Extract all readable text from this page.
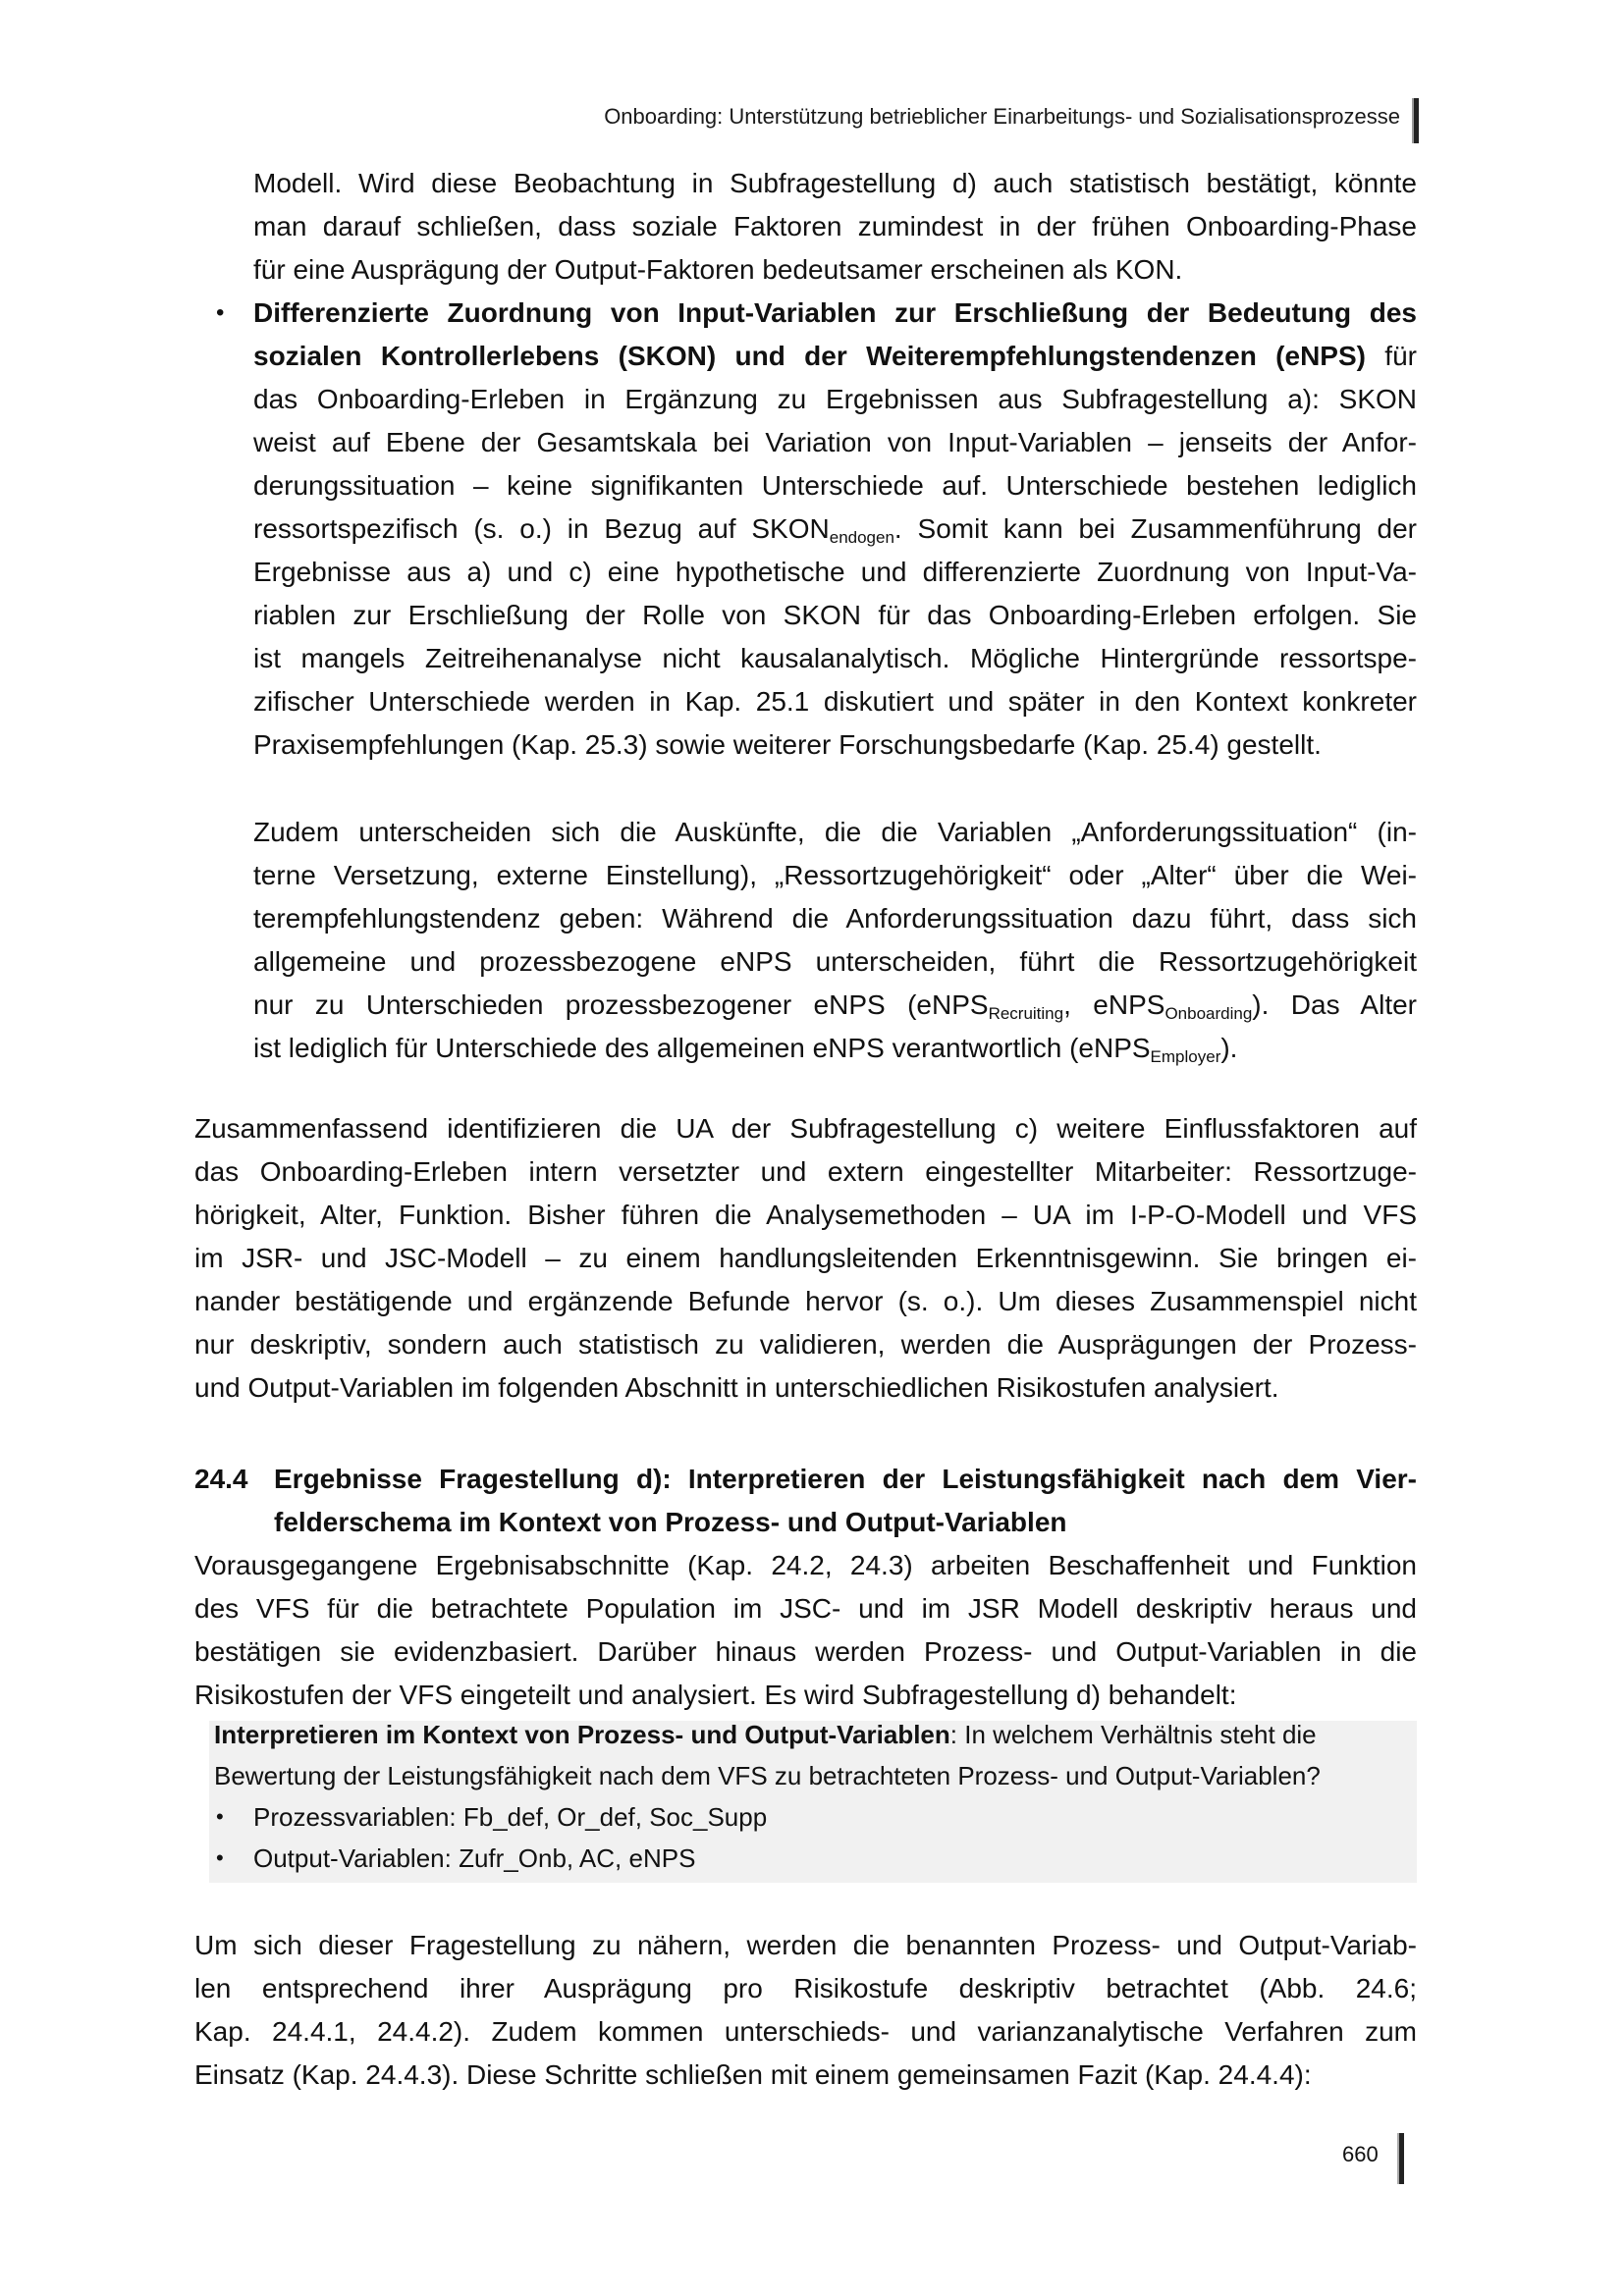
Onboarding: Unterstützung betrieblicher Einarbeitungs- und Sozialisationsprozesse
Modell. Wird diese Beobachtung in Subfragestellung d) auch statistisch bestätigt, könnte
man darauf schließen, dass soziale Faktoren zumindest in der frühen Onboarding-Phase
für eine Ausprägung der Output-Faktoren bedeutsamer erscheinen als KON.
• Differenzierte Zuordnung von Input-Variablen zur Erschließung der Bedeutung des
sozialen Kontrollerlebens (SKON) und der Weiterempfehlungstendenzen (eNPS) für
das Onboarding-Erleben in Ergänzung zu Ergebnissen aus Subfragestellung a): SKON
weist auf Ebene der Gesamtskala bei Variation von Input-Variablen – jenseits der Anfor-
derungssituation – keine signifikanten Unterschiede auf. Unterschiede bestehen lediglich
ressortspezifisch (s. o.) in Bezug auf $SKON_{endogen}$. Somit kann bei Zusammenführung der
Ergebnisse aus a) und c) eine hypothetische und differenzierte Zuordnung von Input-Va-
riablen zur Erschließung der Rolle von SKON für das Onboarding-Erleben erfolgen. Sie
ist mangels Zeitreihenanalyse nicht kausalanalytisch. Mögliche Hintergründe ressortspe-
zifischer Unterschiede werden in Kap. 25.1 diskutiert und später in den Kontext konkreter
Praxisempfehlungen (Kap. 25.3) sowie weiterer Forschungsbedarfe (Kap. 25.4) gestellt.
Zudem unterscheiden sich die Auskünfte, die die Variablen „Anforderungssituation“ (in-
terne Versetzung, externe Einstellung), „Ressortzugehörigkeit“ oder „Alter“ über die Wei-
terempfehlungstendenz geben: Während die Anforderungssituation dazu führt, dass sich
allgemeine und prozessbezogene eNPS unterscheiden, führt die Ressortzugehörigkeit
nur zu Unterschieden prozessbezogener eNPS (eNPS$_{Recruiting}$, eNPS$_{Onboarding}$). Das Alter
ist lediglich für Unterschiede des allgemeinen eNPS verantwortlich (eNPS$_{Employer}$).
Zusammenfassend identifizieren die UA der Subfragestellung c) weitere Einflussfaktoren auf
das Onboarding-Erleben intern versetzter und extern eingestellter Mitarbeiter: Ressortzuge-
hörigkeit, Alter, Funktion. Bisher führen die Analysemethoden – UA im I-P-O-Modell und VFS
im JSR- und JSC-Modell – zu einem handlungsleitenden Erkenntnisgewinn. Sie bringen ei-
nander bestätigende und ergänzende Befunde hervor (s. o.). Um dieses Zusammenspiel nicht
nur deskriptiv, sondern auch statistisch zu validieren, werden die Ausprägungen der Prozess-
und Output-Variablen im folgenden Abschnitt in unterschiedlichen Risikostufen analysiert.
24.4 Ergebnisse Fragestellung d): Interpretieren der Leistungsfähigkeit nach dem Vier-
felderschema im Kontext von Prozess- und Output-Variablen
Vorausgegangene Ergebnisabschnitte (Kap. 24.2, 24.3) arbeiten Beschaffenheit und Funktion
des VFS für die betrachtete Population im JSC- und im JSR Modell deskriptiv heraus und
bestätigen sie evidenzbasiert. Darüber hinaus werden Prozess- und Output-Variablen in die
Risikostufen der VFS eingeteilt und analysiert. Es wird Subfragestellung d) behandelt:
Interpretieren im Kontext von Prozess- und Output-Variablen: In welchem Verhältnis steht die
Bewertung der Leistungsfähigkeit nach dem VFS zu betrachteten Prozess- und Output-Variablen?
• Prozessvariablen: Fb_def, Or_def, Soc_Supp
• Output-Variablen: Zufr_Onb, AC, eNPS
Um sich dieser Fragestellung zu nähern, werden die benannten Prozess- und Output-Variab-
len entsprechend ihrer Ausprägung pro Risikostufe deskriptiv betrachtet (Abb. 24.6;
Kap. 24.4.1, 24.4.2). Zudem kommen unterschieds- und varianzanalytische Verfahren zum
Einsatz (Kap. 24.4.3). Diese Schritte schließen mit einem gemeinsamen Fazit (Kap. 24.4.4):
660
